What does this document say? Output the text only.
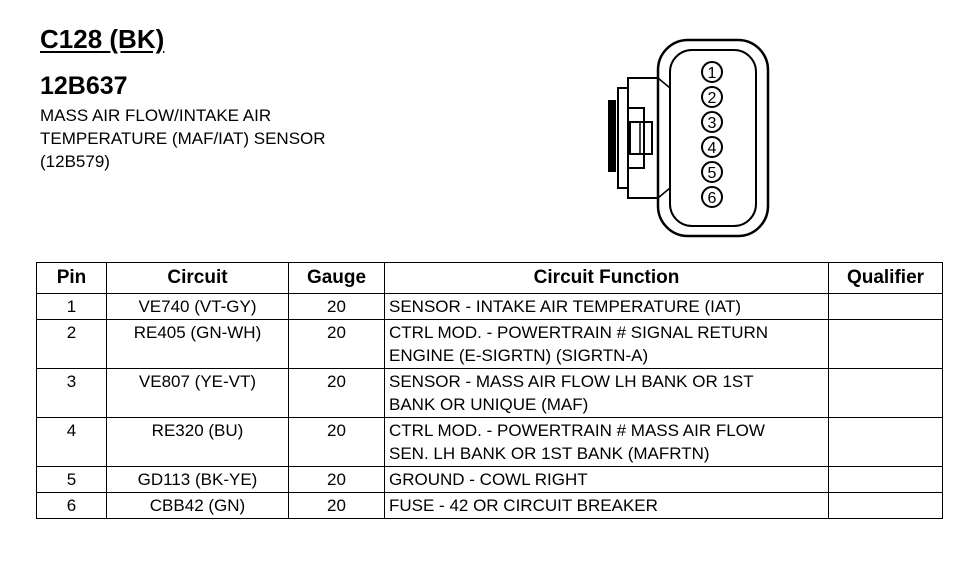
C128 (BK)
12B637
MASS AIR FLOW/INTAKE AIR
TEMPERATURE (MAF/IAT) SENSOR
(12B579)
1
2
3
4
5
6
Pin	Circuit	Gauge	Circuit Function	Qualifier
1	VE740 (VT-GY)	20	SENSOR - INTAKE AIR TEMPERATURE (IAT)	

2	RE405 (GN-WH)	20	CTRL MOD. - POWERTRAIN # SIGNAL RETURN
ENGINE (E-SIGRTN) (SIGRTN-A)	

3	VE807 (YE-VT)	20	SENSOR - MASS AIR FLOW LH BANK OR 1ST
BANK OR UNIQUE (MAF)	

4	RE320 (BU)	20	CTRL MOD. - POWERTRAIN # MASS AIR FLOW
SEN. LH BANK OR 1ST BANK (MAFRTN)	

5	GD113 (BK-YE)	20	GROUND - COWL RIGHT	

6	CBB42 (GN)	20	FUSE - 42 OR CIRCUIT BREAKER	
